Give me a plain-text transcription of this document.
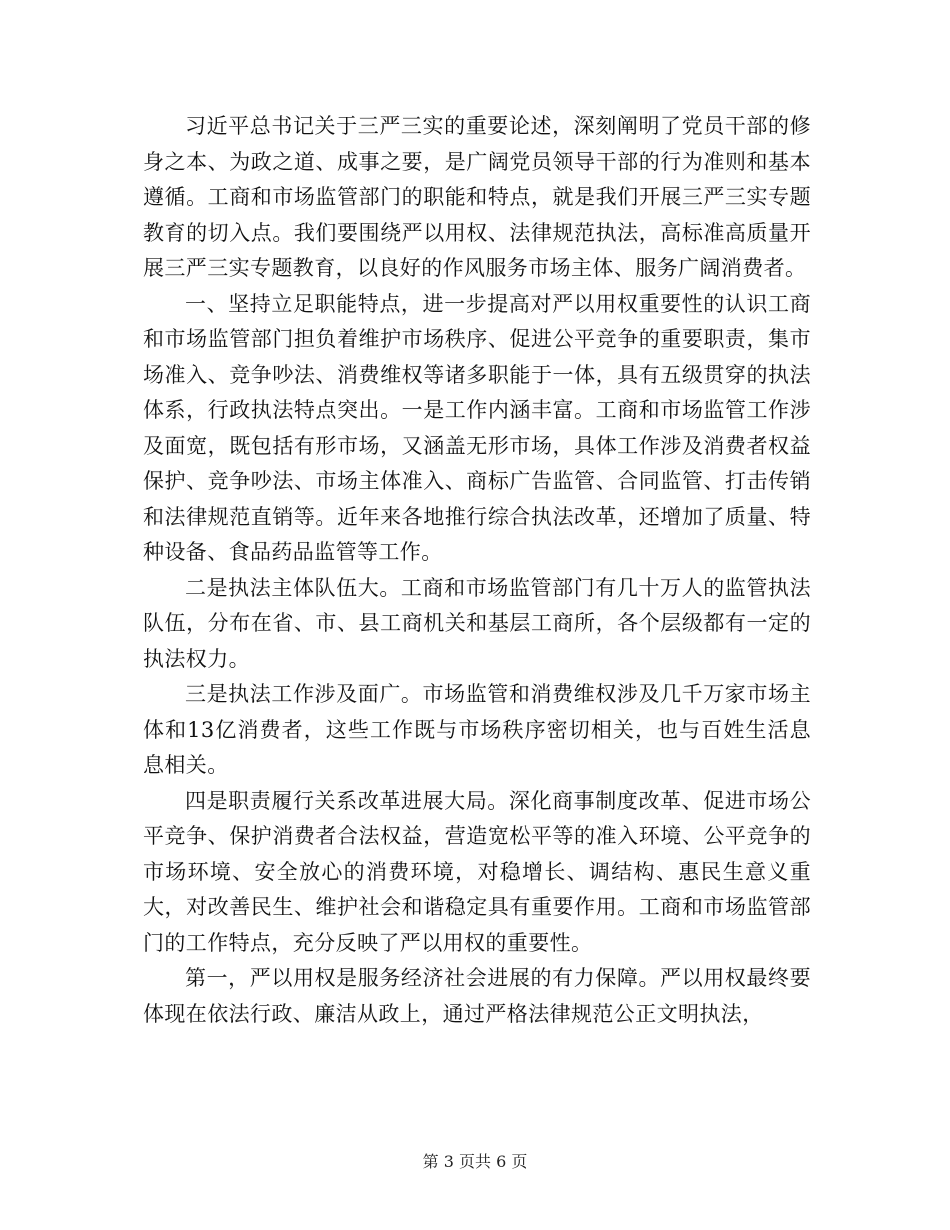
习近平总书记关于三严三实的重要论述，深刻阐明了党员干部的修身之本、为政之道、成事之要，是广阔党员领导干部的行为准则和基本遵循。工商和市场监管部门的职能和特点，就是我们开展三严三实专题教育的切入点。我们要围绕严以用权、法律规范执法，高标准高质量开展三严三实专题教育，以良好的作风服务市场主体、服务广阔消费者。

一、坚持立足职能特点，进一步提高对严以用权重要性的认识工商和市场监管部门担负着维护市场秩序、促进公平竞争的重要职责，集市场准入、竞争吵法、消费维权等诸多职能于一体，具有五级贯穿的执法体系，行政执法特点突出。一是工作内涵丰富。工商和市场监管工作涉及面宽，既包括有形市场，又涵盖无形市场，具体工作涉及消费者权益保护、竞争吵法、市场主体准入、商标广告监管、合同监管、打击传销和法律规范直销等。近年来各地推行综合执法改革，还增加了质量、特种设备、食品药品监管等工作。

二是执法主体队伍大。工商和市场监管部门有几十万人的监管执法队伍，分布在省、市、县工商机关和基层工商所，各个层级都有一定的执法权力。

三是执法工作涉及面广。市场监管和消费维权涉及几千万家市场主体和13亿消费者，这些工作既与市场秩序密切相关，也与百姓生活息息相关。

四是职责履行关系改革进展大局。深化商事制度改革、促进市场公平竞争、保护消费者合法权益，营造宽松平等的准入环境、公平竞争的市场环境、安全放心的消费环境，对稳增长、调结构、惠民生意义重大，对改善民生、维护社会和谐稳定具有重要作用。工商和市场监管部门的工作特点，充分反映了严以用权的重要性。

第一，严以用权是服务经济社会进展的有力保障。严以用权最终要体现在依法行政、廉洁从政上，通过严格法律规范公正文明执法，

第 3 页共 6 页
